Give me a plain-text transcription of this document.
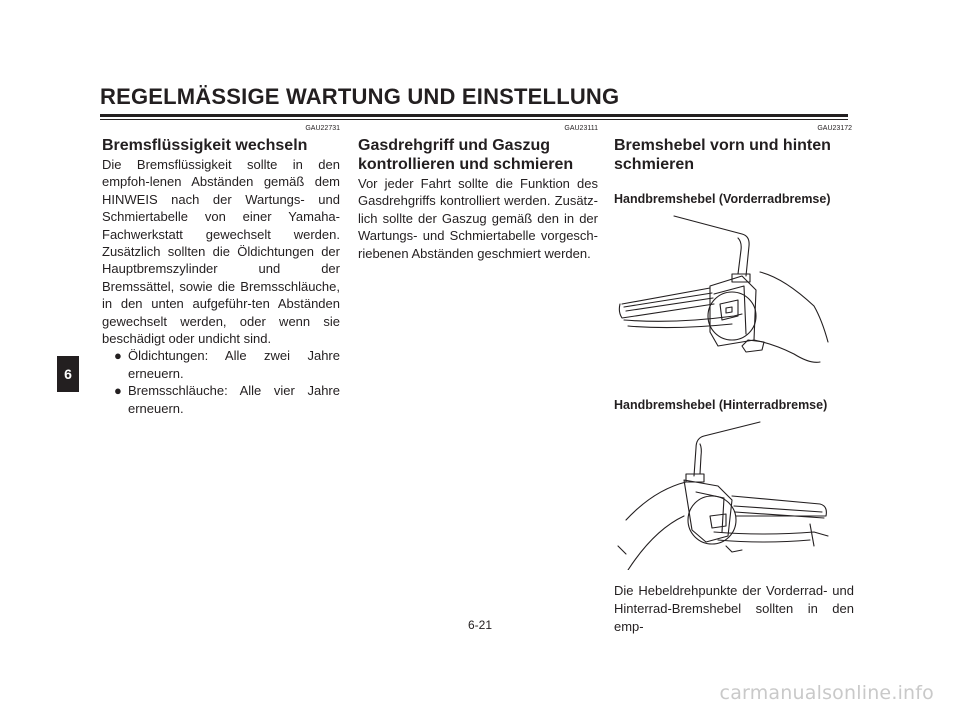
REGELMÄSSIGE WARTUNG UND EINSTELLUNG
6
GAU22731
Bremsflüssigkeit wechseln

Die Bremsflüssigkeit sollte in den empfoh-lenen Abständen gemäß dem HINWEIS nach der Wartungs- und Schmiertabelle von einer Yamaha-Fachwerkstatt gewechselt werden. Zusätzlich sollten die Öldichtungen der Hauptbremszylinder und der Bremssättel, sowie die Bremsschläuche, in den unten aufgeführ-ten Abständen gewechselt werden, oder wenn sie beschädigt oder undicht sind.

● Öldichtungen: Alle zwei Jahre erneuern.
● Bremsschläuche: Alle vier Jahre erneuern.
GAU23111
Gasdrehgriff und Gaszug kontrollieren und schmieren

Vor jeder Fahrt sollte die Funktion des Gasdrehgriffs kontrolliert werden. Zusätz-lich sollte der Gaszug gemäß den in der Wartungs- und Schmiertabelle vorgesch-riebenen Abständen geschmiert werden.

GAU23172
Bremshebel vorn und hinten schmieren
Handbremshebel (Vorderradbremse)
Handbremshebel (Hinterradbremse)
Die Hebeldrehpunkte der Vorderrad- und Hinterrad-Bremshebel sollten in den emp-
6-21
carmanualsonline.info
